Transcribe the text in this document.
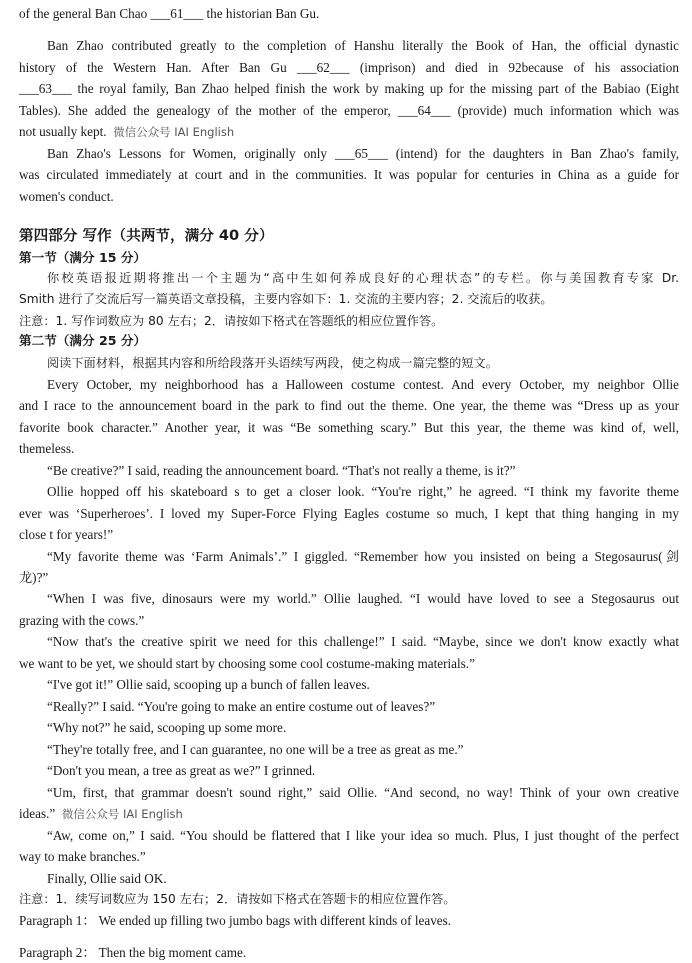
of the general Ban Chao ___61___ the historian Ban Gu.
Ban Zhao contributed greatly to the completion of Hanshu literally the Book of Han, the official dynastic
history of the Western Han. After Ban Gu ___62___ (imprison) and died in 92because of his association
___63___ the royal family, Ban Zhao helped finish the work by making up for the missing part of the Babiao (Eight
Tables). She added the genealogy of the mother of the emperor, ___64___ (provide) much information which was
not usually kept. 微信公众号 IAI English
Ban Zhao's Lessons for Women, originally only ___65___ (intend) for the daughters in Ban Zhao's family,
was circulated immediately at court and in the communities. It was popular for centuries in China as a guide for
women's conduct.
第四部分 写作（共两节，满分 40 分）
第一节（满分 15 分）
你校英语报近期将推出一个主题为“高中生如何养成良好的心理状态”的专栏。你与美国教育专家 Dr.
Smith 进行了交流后写一篇英语文章投稿，主要内容如下：1. 交流的主要内容；2. 交流后的收获。
注意：1. 写作词数应为 80 左右；2．请按如下格式在答题纸的相应位置作答。
第二节（满分 25 分）
阅读下面材料，根据其内容和所给段落开头语续写两段，使之构成一篇完整的短文。
Every October, my neighborhood has a Halloween costume contest. And every October, my neighbor Ollie
and I race to the announcement board in the park to find out the theme. One year, the theme was “Dress up as your
favorite book character.” Another year, it was “Be something scary.” But this year, the theme was kind of, well,
themeless.
“Be creative?” I said, reading the announcement board. “That's not really a theme, is it?”
Ollie hopped off his skateboard s to get a closer look. “You're right,” he agreed. “I think my favorite theme
ever was ‘Superheroes’. I loved my Super-Force Flying Eagles costume so much, I kept that thing hanging in my
close t for years!”
“My favorite theme was ‘Farm Animals’.” I giggled. “Remember how you insisted on being a Stegosaurus(剑
龙)?”
“When I was five, dinosaurs were my world.” Ollie laughed. “I would have loved to see a Stegosaurus out
grazing with the cows.”
“Now that's the creative spirit we need for this challenge!” I said. “Maybe, since we don't know exactly what
we want to be yet, we should start by choosing some cool costume-making materials.”
“I've got it!” Ollie said, scooping up a bunch of fallen leaves.
“Really?” I said. “You're going to make an entire costume out of leaves?”
“Why not?” he said, scooping up some more.
“They're totally free, and I can guarantee, no one will be a tree as great as me.”
“Don't you mean, a tree as great as we?” I grinned.
“Um, first, that grammar doesn't sound right,” said Ollie. “And second, no way! Think of your own creative
ideas.” 微信公众号 IAI English
“Aw, come on,” I said. “You should be flattered that I like your idea so much. Plus, I just thought of the perfect
way to make branches.”
Finally, Ollie said OK.
注意：1．续写词数应为 150 左右；2．请按如下格式在答题卡的相应位置作答。
Paragraph 1： We ended up filling two jumbo bags with different kinds of leaves.
Paragraph 2： Then the big moment came.
